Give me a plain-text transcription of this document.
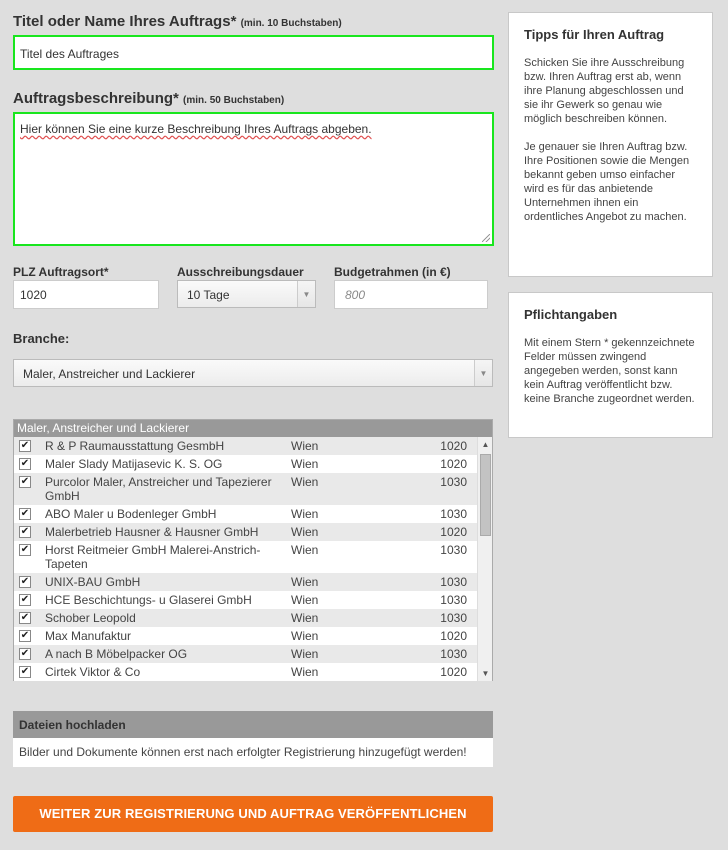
Titel oder Name Ihres Auftrags* (min. 10 Buchstaben)
Titel des Auftrages
Auftragsbeschreibung* (min. 50 Buchstaben)
Hier können Sie eine kurze Beschreibung Ihres Auftrags abgeben.
PLZ Auftragsort*
1020
Ausschreibungsdauer
10 Tage	▼
Budgetrahmen (in €)
800
Branche:
Maler, Anstreicher und Lackierer	▼
Maler, Anstreicher und Lackierer
✔ R & P Raumausstattung GesmbH	Wien	1020
✔ Maler Slady Matijasevic K. S. OG	Wien	1020
✔ Purcolor Maler, Anstreicher und Tapezierer GmbH
Wien	1030
✔ ABO Maler u Bodenleger GmbH	Wien	1030
✔ Malerbetrieb Hausner & Hausner GmbH	Wien	1020
✔ Horst Reitmeier GmbH Malerei-Anstrich-Tapeten
Wien	1030
✔ UNIX-BAU GmbH	Wien	1030
✔ HCE Beschichtungs- u Glaserei GmbH	Wien	1030
✔ Schober Leopold	Wien	1030
✔ Max Manufaktur	Wien	1020
✔ A nach B Möbelpacker OG	Wien	1030
✔ Cirtek Viktor & Co	Wien	1020
▲
▼
Dateien hochladen
Bilder und Dokumente können erst nach erfolgter Registrierung hinzugefügt werden!
WEITER ZUR REGISTRIERUNG UND AUFTRAG VERÖFFENTLICHEN
Tipps für Ihren Auftrag

Schicken Sie ihre Ausschreibung bzw. Ihren Auftrag erst ab, wenn ihre Planung abgeschlossen und sie ihr Gewerk so genau wie möglich beschreiben können.

Je genauer sie Ihren Auftrag bzw. Ihre Positionen sowie die Mengen bekannt geben umso einfacher wird es für das anbietende Unternehmen ihnen ein ordentliches Angebot zu machen.

Pflichtangaben

Mit einem Stern * gekennzeichnete Felder müssen zwingend angegeben werden, sonst kann kein Auftrag veröffentlicht bzw. keine Branche zugeordnet werden.
